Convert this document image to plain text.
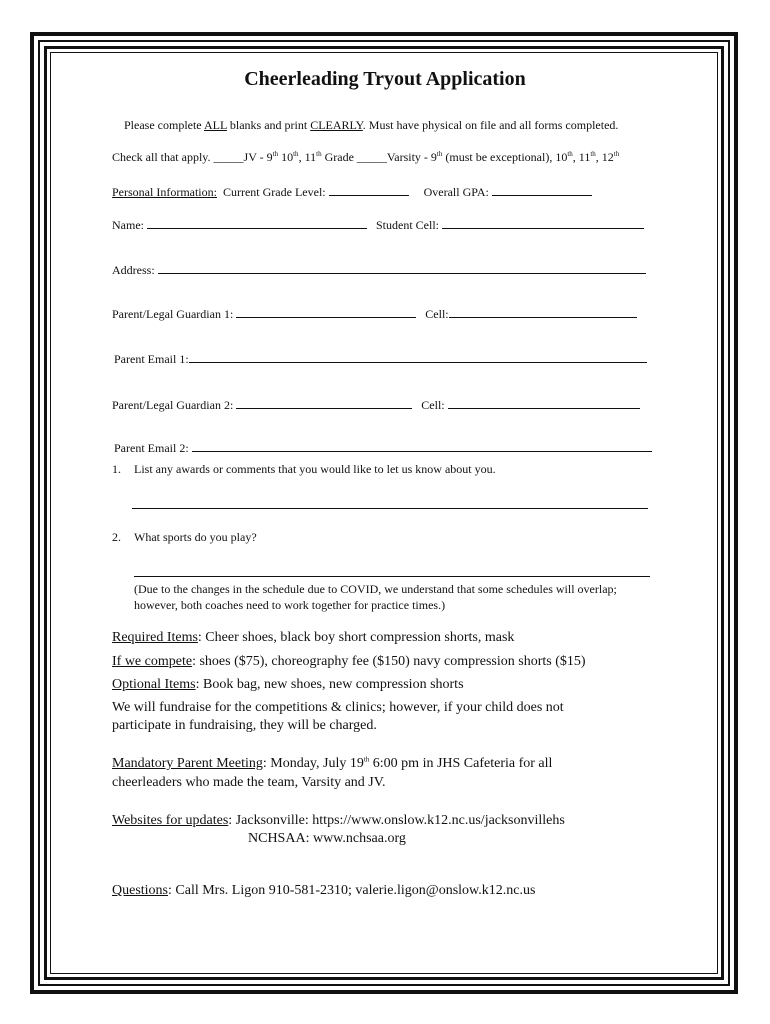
Cheerleading Tryout Application
Please complete ALL blanks and print CLEARLY. Must have physical on file and all forms completed.
Check all that apply. _____JV - 9th 10th, 11th Grade _____Varsity - 9th (must be exceptional), 10th, 11th, 12th
Personal Information: Current Grade Level:	Overall GPA:
Name:	Student Cell:
Address:
Parent/Legal Guardian 1:	Cell:
Parent Email 1:
Parent/Legal Guardian 2:	Cell:
Parent Email 2:
1. List any awards or comments that you would like to let us know about you.
2. What sports do you play?
(Due to the changes in the schedule due to COVID, we understand that some schedules will overlap;
however, both coaches need to work together for practice times.)
Required Items: Cheer shoes, black boy short compression shorts, mask
If we compete: shoes ($75), choreography fee ($150) navy compression shorts ($15)
Optional Items: Book bag, new shoes, new compression shorts
We will fundraise for the competitions & clinics; however, if your child does not
participate in fundraising, they will be charged.
Mandatory Parent Meeting: Monday, July 19th 6:00 pm in JHS Cafeteria for all
cheerleaders who made the team, Varsity and JV.
Websites for updates: Jacksonville: https://www.onslow.k12.nc.us/jacksonvillehs
NCHSAA: www.nchsaa.org
Questions: Call Mrs. Ligon 910-581-2310; valerie.ligon@onslow.k12.nc.us
